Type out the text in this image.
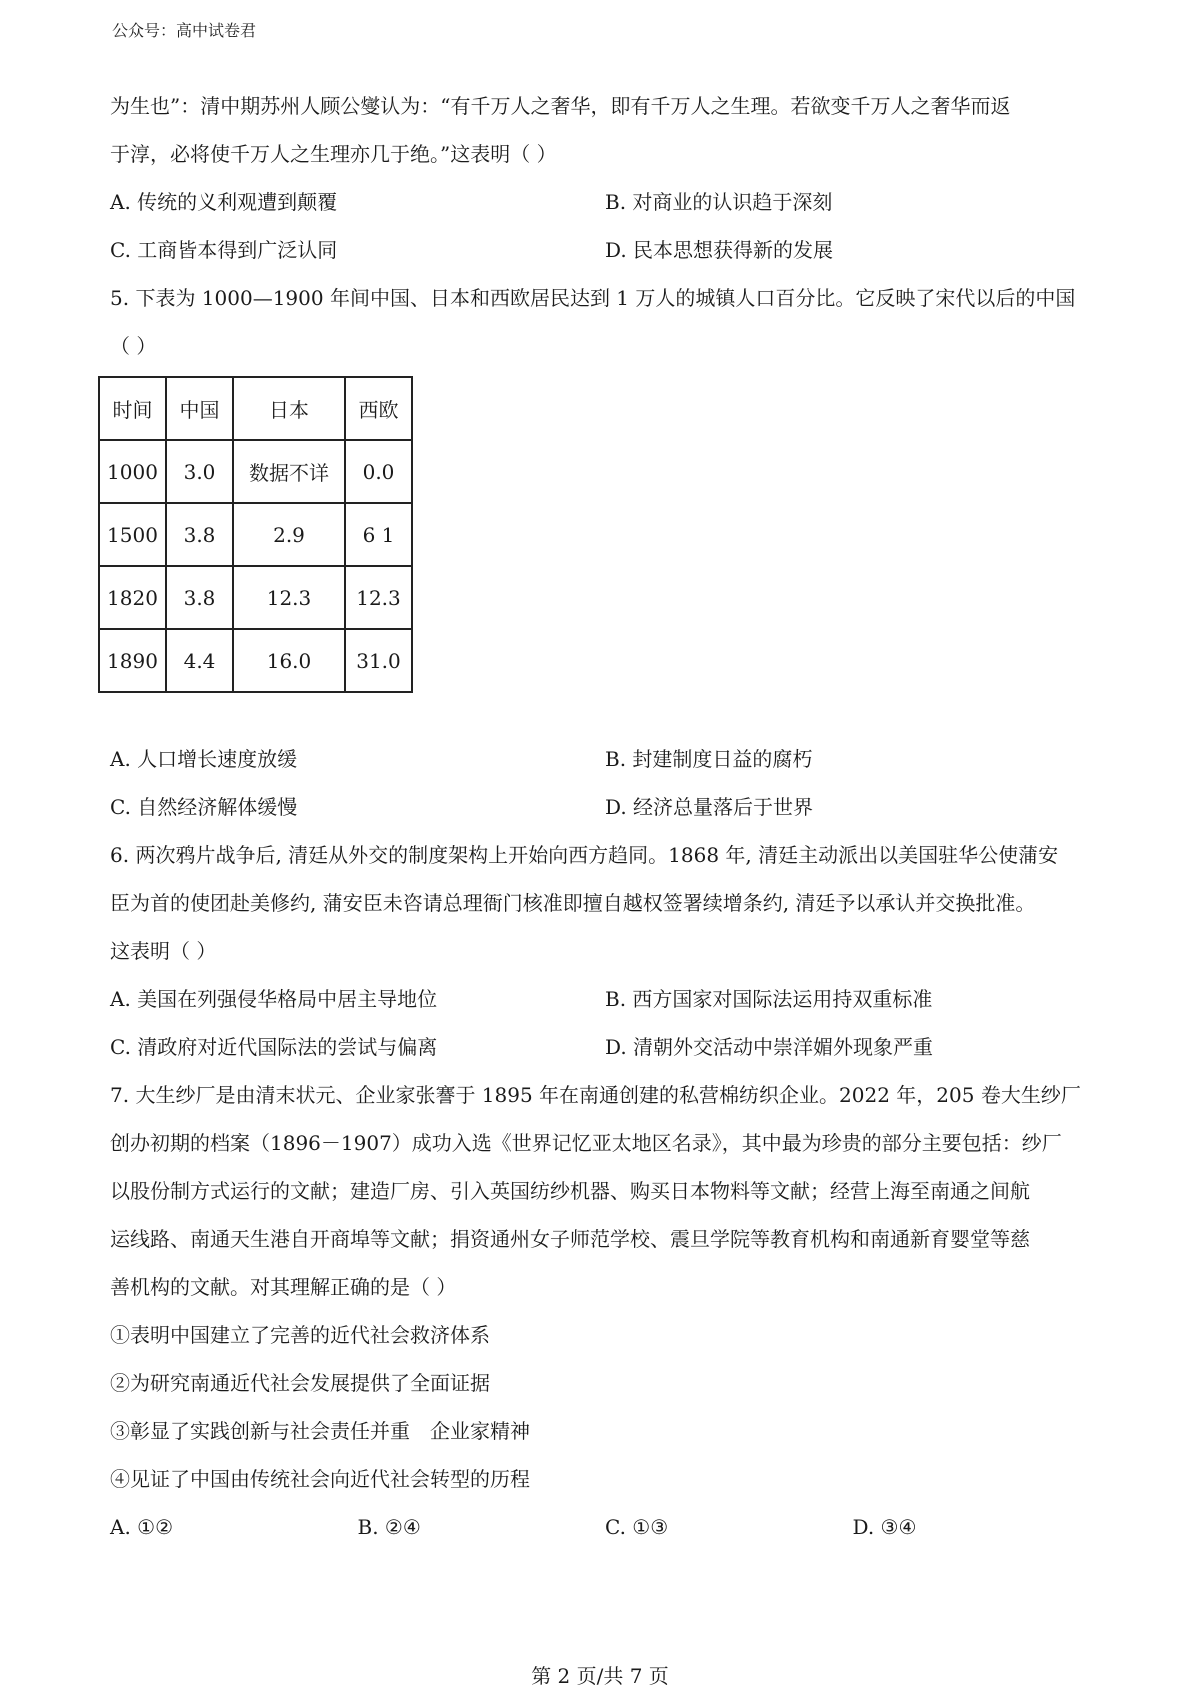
公众号：高中试卷君
为生也”：清中期苏州人顾公燮认为：“有千万人之奢华，即有千万人之生理。若欲变千万人之奢华而返
于淳，必将使千万人之生理亦几于绝。”这表明（ ）
A. 传统的义利观遭到颠覆	B. 对商业的认识趋于深刻
C. 工商皆本得到广泛认同	D. 民本思想获得新的发展
5. 下表为 1000—1900 年间中国、日本和西欧居民达到 1 万人的城镇人口百分比。它反映了宋代以后的中国
（ ）
时间	中国	日本	西欧
1000	3.0	数据不详	0.0
1500	3.8	2.9	6 1
1820	3.8	12.3	12.3
1890	4.4	16.0	31.0
A. 人口增长速度放缓	B. 封建制度日益的腐朽
C. 自然经济解体缓慢	D. 经济总量落后于世界
6. 两次鸦片战争后, 清廷从外交的制度架构上开始向西方趋同。1868 年, 清廷主动派出以美国驻华公使蒲安
臣为首的使团赴美修约, 蒲安臣未咨请总理衙门核准即擅自越权签署续增条约, 清廷予以承认并交换批准。
这表明（ ）
A. 美国在列强侵华格局中居主导地位	B. 西方国家对国际法运用持双重标准
C. 清政府对近代国际法的尝试与偏离	D. 清朝外交活动中崇洋媚外现象严重
7. 大生纱厂是由清末状元、企业家张謇于 1895 年在南通创建的私营棉纺织企业。2022 年，205 卷大生纱厂
创办初期的档案（1896－1907）成功入选《世界记忆亚太地区名录》，其中最为珍贵的部分主要包括：纱厂
以股份制方式运行的文献；建造厂房、引入英国纺纱机器、购买日本物料等文献；经营上海至南通之间航
运线路、南通天生港自开商埠等文献；捐资通州女子师范学校、震旦学院等教育机构和南通新育婴堂等慈
善机构的文献。对其理解正确的是（ ）
①表明中国建立了完善的近代社会救济体系
②为研究南通近代社会发展提供了全面证据
③彰显了实践创新与社会责任并重　企业家精神
④见证了中国由传统社会向近代社会转型的历程
A. ①②	B. ②④	C. ①③	D. ③④
第 2 页/共 7 页
